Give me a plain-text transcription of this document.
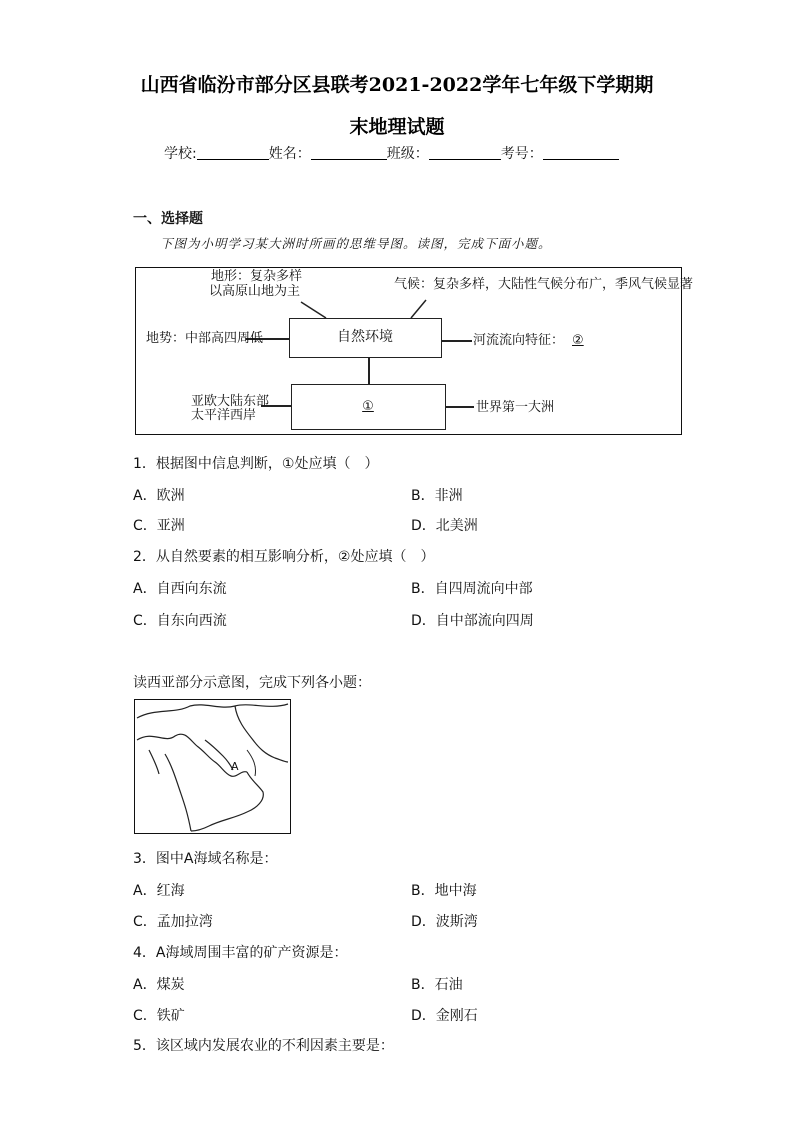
山西省临汾市部分区县联考2021-2022学年七年级下学期期
末地理试题
学校:	姓名：	班级：	考号：
一、选择题
下图为小明学习某大洲时所画的思维导图。读图，完成下面小题。
自然环境
①
地形：复杂多样
以高原山地为主	气候：复杂多样，大陆性气候分布广，季风气候显著
地势：中部高四周低	河流流向特征： ②
亚欧大陆东部
太平洋西岸
世界第一大洲
1．根据图中信息判断，①处应填（　）
A．欧洲	B．非洲
C．亚洲	D．北美洲
2．从自然要素的相互影响分析，②处应填（　）
A．自西向东流	B．自四周流向中部
C．自东向西流	D．自中部流向四周
读西亚部分示意图，完成下列各小题：
A
3．图中A海域名称是：
A．红海	B．地中海
C．孟加拉湾	D．波斯湾
4．A海域周围丰富的矿产资源是：
A．煤炭	B．石油
C．铁矿	D．金刚石
5．该区域内发展农业的不利因素主要是：
